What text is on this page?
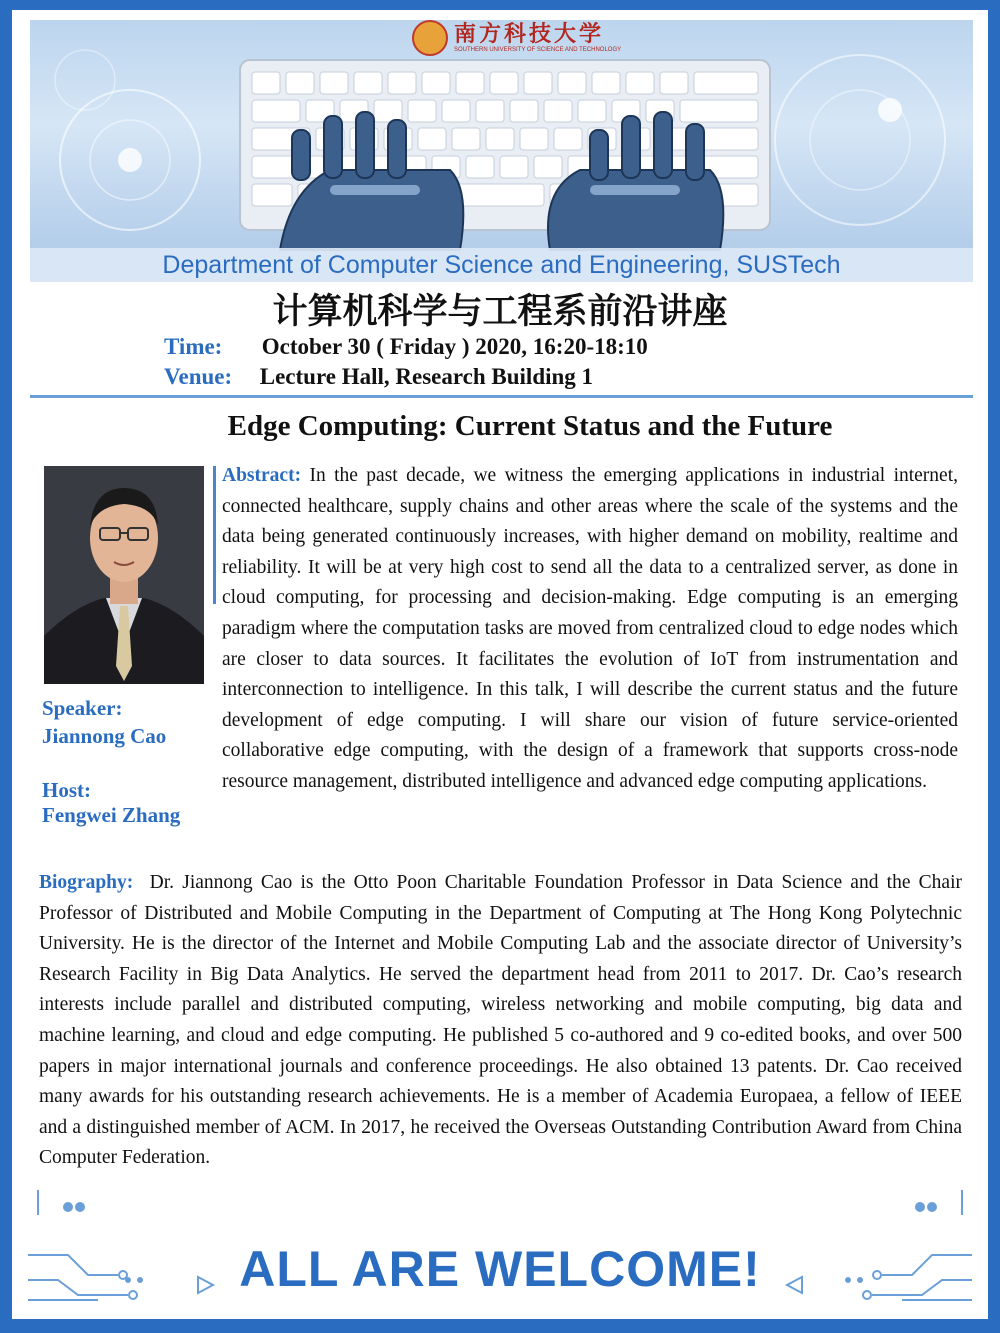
南方科技大学
SOUTHERN UNIVERSITY OF SCIENCE AND TECHNOLOGY
Department of Computer Science and Engineering, SUSTech
计算机科学与工程系前沿讲座
Time: October 30 ( Friday ) 2020, 16:20-18:10
Venue: Lecture Hall, Research Building 1
Edge Computing: Current Status and the Future
Speaker:
Jiannong Cao
Host:
Fengwei Zhang

Abstract: In the past decade, we witness the emerging applications in industrial internet, connected healthcare, supply chains and other areas where the scale of the systems and the data being generated continuously increases, with higher demand on mobility, realtime and reliability. It will be at very high cost to send all the data to a centralized server, as done in cloud computing, for processing and decision-making. Edge computing is an emerging paradigm where the computation tasks are moved from centralized cloud to edge nodes which are closer to data sources. It facilitates the evolution of IoT from instrumentation and interconnection to intelligence. In this talk, I will describe the current status and the future development of edge computing. I will share our vision of future service-oriented collaborative edge computing, with the design of a framework that supports cross-node resource management, distributed intelligence and advanced edge computing applications.

Biography: Dr. Jiannong Cao is the Otto Poon Charitable Foundation Professor in Data Science and the Chair Professor of Distributed and Mobile Computing in the Department of Computing at The Hong Kong Polytechnic University. He is the director of the Internet and Mobile Computing Lab and the associate director of University’s Research Facility in Big Data Analytics. He served the department head from 2011 to 2017. Dr. Cao’s research interests include parallel and distributed computing, wireless networking and mobile computing, big data and machine learning, and cloud and edge computing. He published 5 co-authored and 9 co-edited books, and over 500 papers in major international journals and conference proceedings. He also obtained 13 patents. Dr. Cao received many awards for his outstanding research achievements. He is a member of Academia Europaea, a fellow of IEEE and a distinguished member of ACM. In 2017, he received the Overseas Outstanding Contribution Award from China Computer Federation.

ALL ARE WELCOME!
